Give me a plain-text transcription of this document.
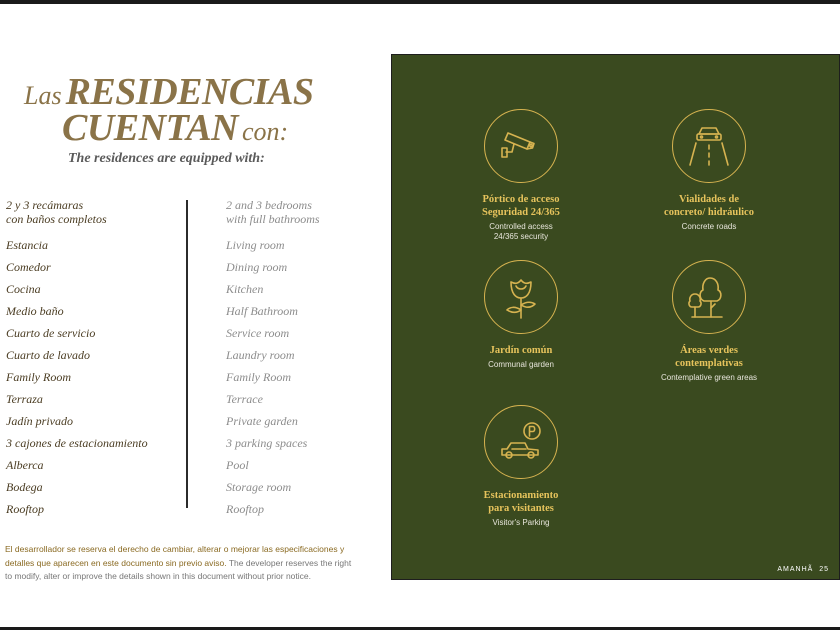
Las RESIDENCIAS
CUENTAN con:
The residences are equipped with:
2 y 3 recámaras
con baños completos
Estancia
Comedor
Cocina
Medio baño
Cuarto de servicio
Cuarto de lavado
Family Room
Terraza
Jadín privado
3 cajones de estacionamiento
Alberca
Bodega
Rooftop
2 and 3 bedrooms
with full bathrooms
Living room
Dining room
Kitchen
Half Bathroom
Service room
Laundry room
Family Room
Terrace
Private garden
3 parking spaces
Pool
Storage room
Rooftop
El desarrollador se reserva el derecho de cambiar, alterar o mejorar las especificaciones y detalles que aparecen en este documento sin previo aviso. The developer reserves the right to modify, alter or improve the details shown in this document without prior notice.
Pórtico de acceso
Seguridad 24/365
Controlled access
24/365 security
Vialidades de
concreto/ hidráulico
Concrete roads
Jardín común
Communal garden
Áreas verdes
contemplativas
Contemplative green areas
Estacionamiento
para visitantes
Visitor's Parking
AMANHÃ 25
